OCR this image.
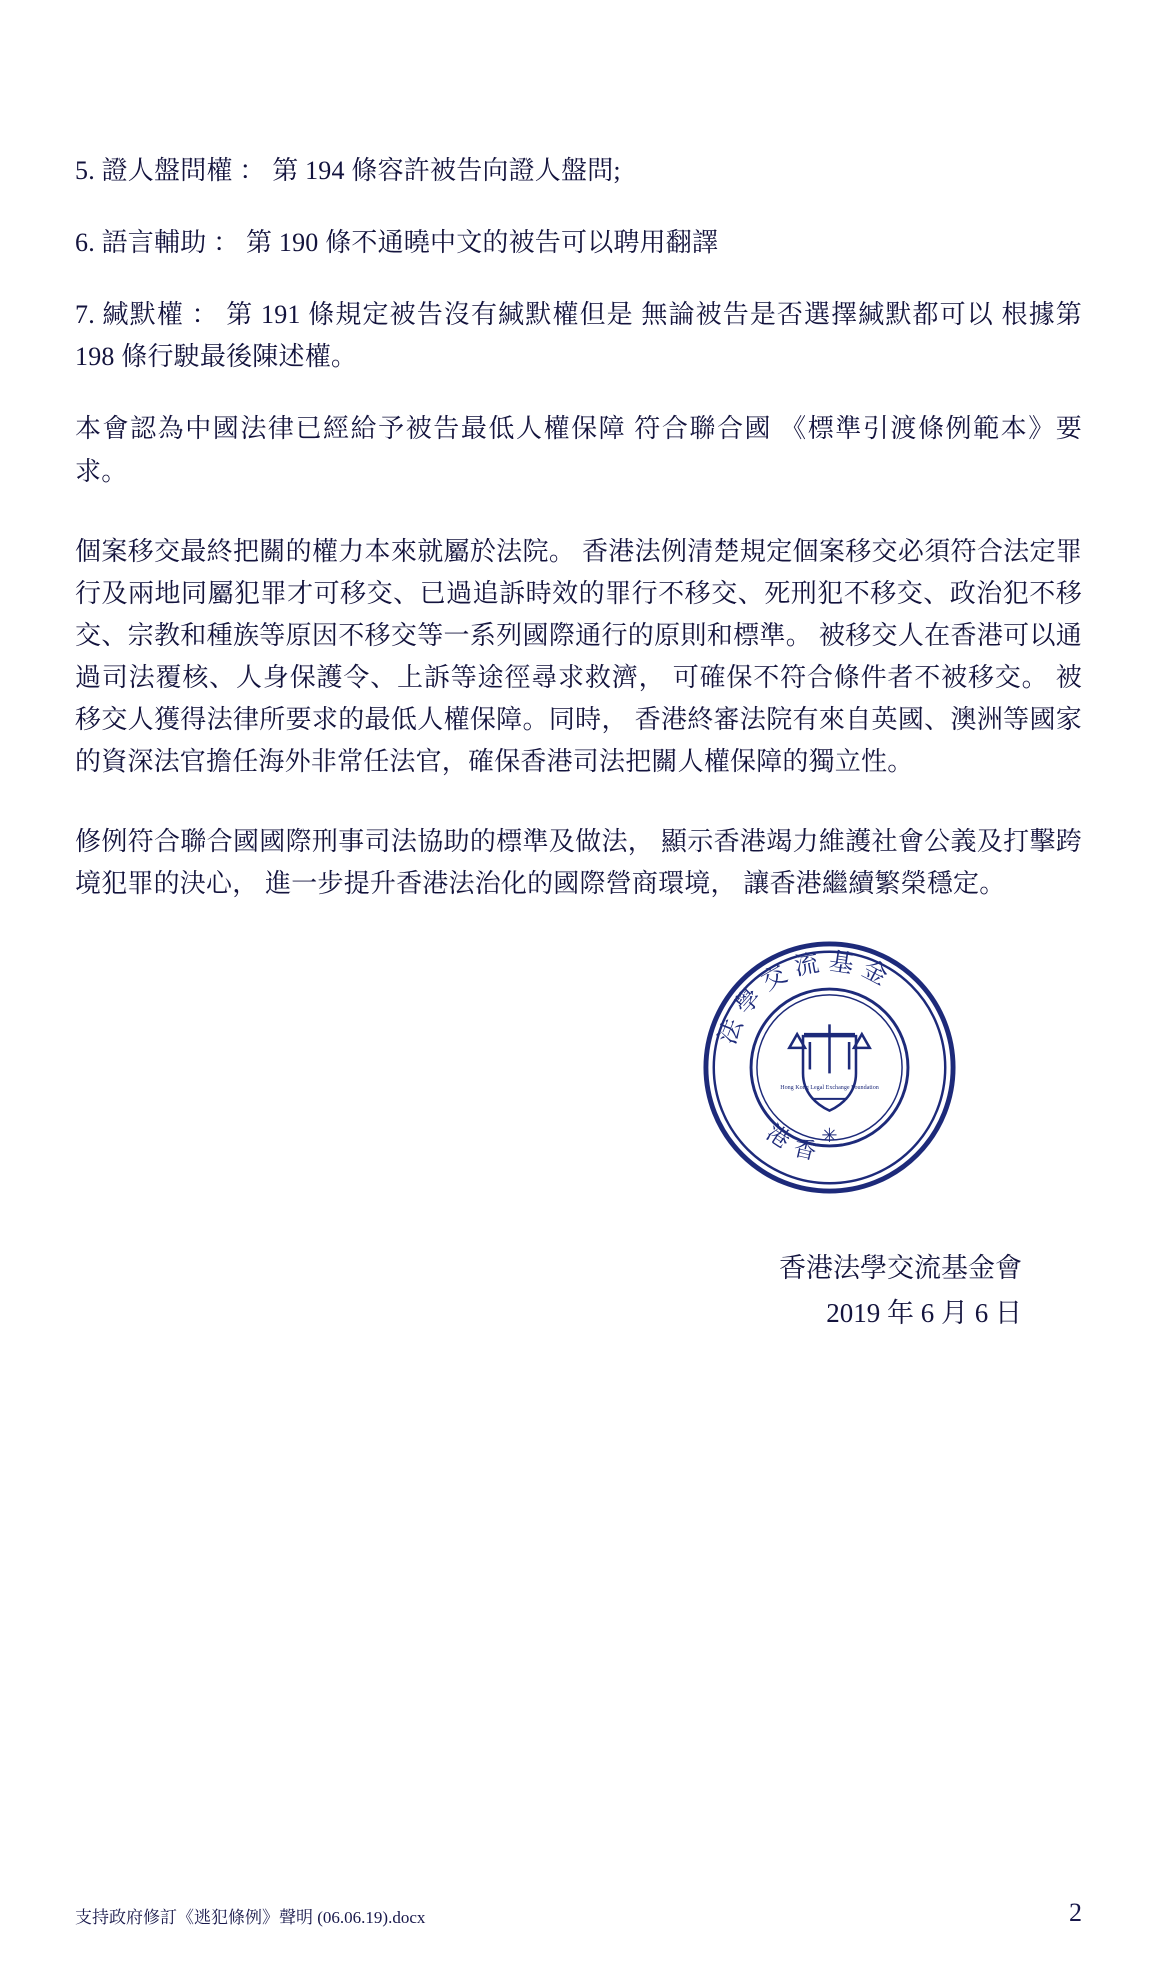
5. 證人盤問權 ： 第 194 條容許被告向證人盤問;

6. 語言輔助 ： 第 190 條不通曉中文的被告可以聘用翻譯

7. 緘默權 ： 第 191 條規定被告沒有緘默權但是 無論被告是否選擇緘默都可以 根據第 198 條行駛最後陳述權。

本會認為中國法律已經給予被告最低人權保障 符合聯合國 《標準引渡條例範本》要求。

個案移交最終把關的權力本來就屬於法院。 香港法例清楚規定個案移交必須符合法定罪行及兩地同屬犯罪才可移交、已過追訴時效的罪行不移交、死刑犯不移交、政治犯不移交、宗教和種族等原因不移交等一系列國際通行的原則和標準。 被移交人在香港可以通過司法覆核、人身保護令、上訴等途徑尋求救濟， 可確保不符合條件者不被移交。 被移交人獲得法律所要求的最低人權保障。同時， 香港終審法院有來自英國、澳洲等國家的資深法官擔任海外非常任法官，確保香港司法把關人權保障的獨立性。

修例符合聯合國國際刑事司法協助的標準及做法， 顯示香港竭力維護社會公義及打擊跨境犯罪的決心， 進一步提升香港法治化的國際營商環境， 讓香港繼續繁榮穩定。

法學交流基金
港香
✳
Hong Kong Legal Exchange Foundation
香港法學交流基金會
2019 年 6 月 6 日
支持政府修訂《逃犯條例》聲明 (06.06.19).docx	2
